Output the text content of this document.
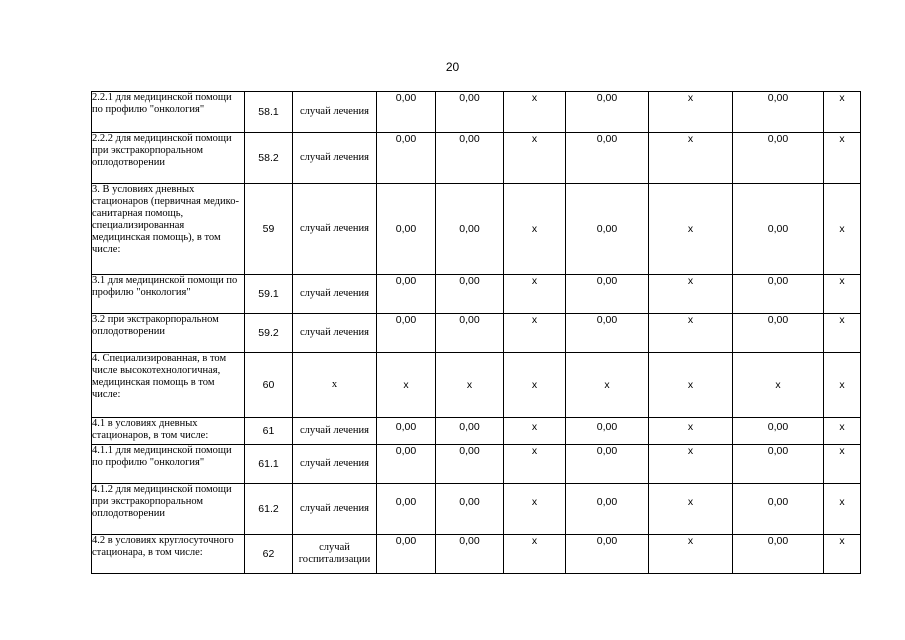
20
2.2.1 для медицинской помощи по профилю "онкология"	58.1	случай лечения	0,00	0,00	х	0,00	х	0,00	х
2.2.2 для медицинской помощи при экстракорпоральном оплодотворении	58.2	случай лечения	0,00	0,00	х	0,00	х	0,00	х
3. В условиях дневных стационаров (первичная медико-санитарная помощь, специализированная медицинская помощь), в том числе:	59	случай лечения	0,00	0,00	х	0,00	х	0,00	х
3.1 для медицинской помощи по профилю "онкология"	59.1	случай лечения	0,00	0,00	х	0,00	х	0,00	х
3.2 при экстракорпоральном оплодотворении	59.2	случай лечения	0,00	0,00	х	0,00	х	0,00	х
4. Специализированная, в том числе высокотехнологичная, медицинская помощь в том числе:	60	х	х	х	х	х	х	х	х
4.1 в условиях дневных стационаров, в том числе:	61	случай лечения	0,00	0,00	х	0,00	х	0,00	х
4.1.1 для медицинской помощи по профилю "онкология"	61.1	случай лечения	0,00	0,00	х	0,00	х	0,00	х
4.1.2 для медицинской помощи при экстракорпоральном оплодотворении	61.2	случай лечения	0,00	0,00	х	0,00	х	0,00	х
4.2 в условиях круглосуточного стационара, в том числе:	62	случай госпитализации	0,00	0,00	х	0,00	х	0,00	х
